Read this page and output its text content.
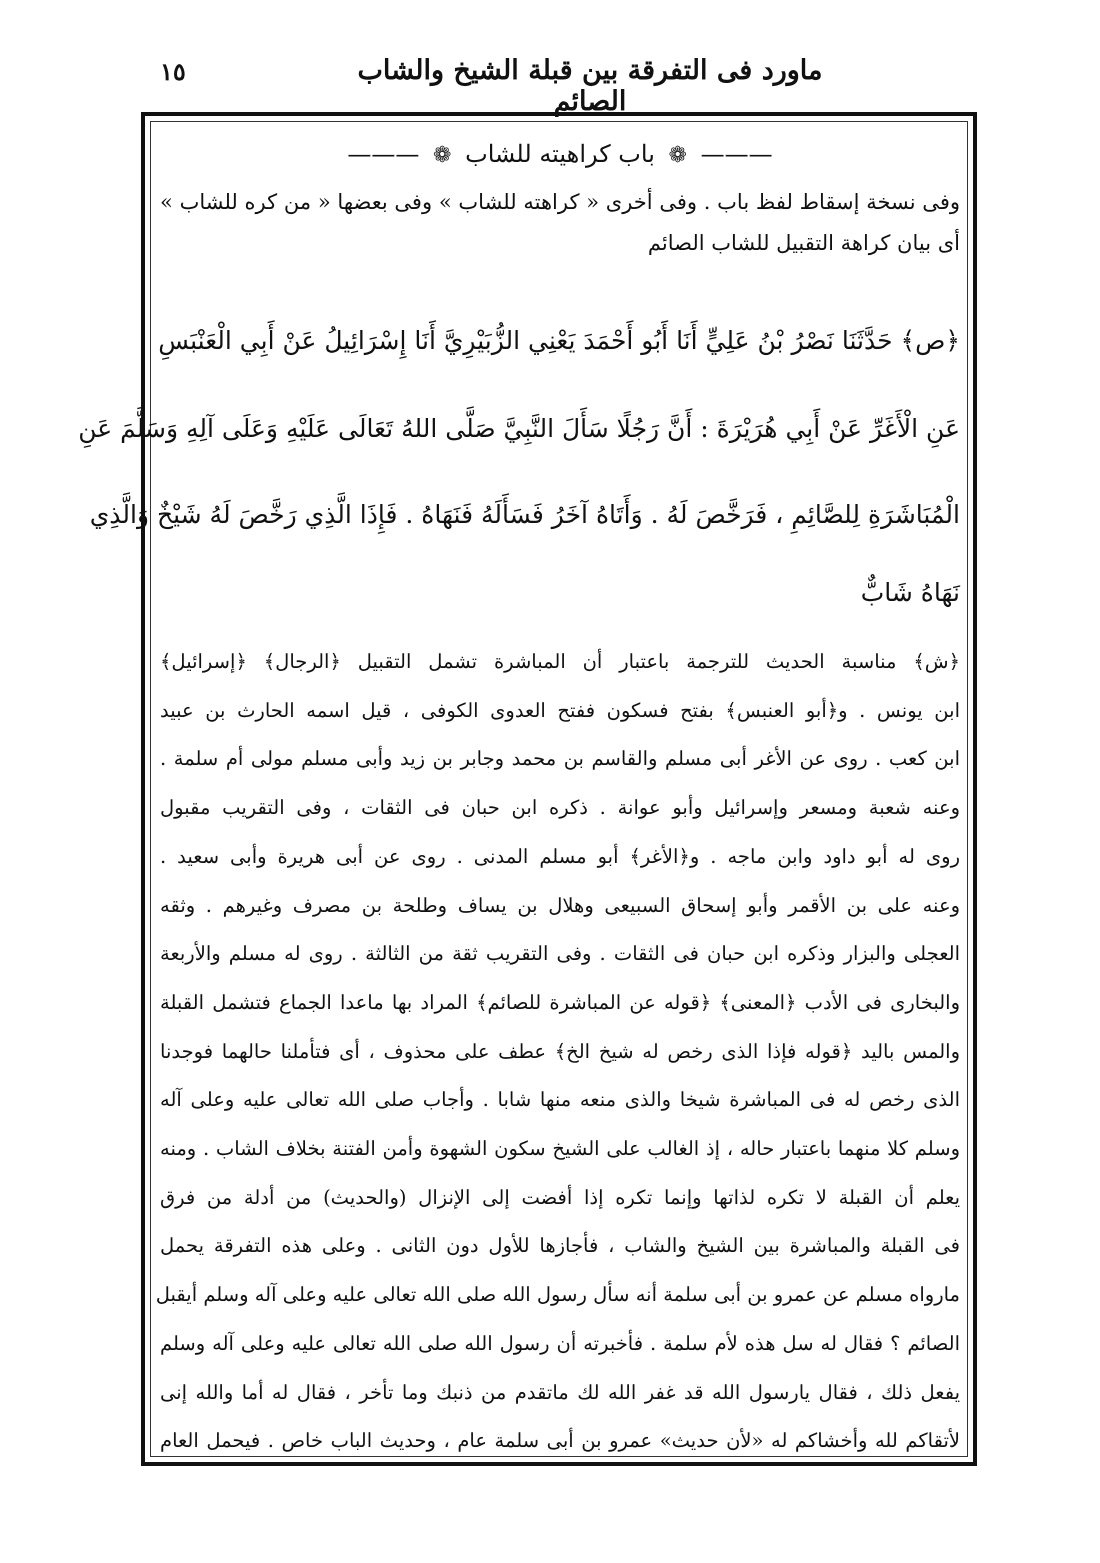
ماورد فى التفرقة بين قبلة الشيخ والشاب الصائم
١٥
——— ❁ باب كراهيته للشاب ❁ ———
وفى نسخة إسقاط لفظ باب . وفى أخرى « كراهته للشاب » وفى بعضها « من كره للشاب »
أى بيان كراهة التقبيل للشاب الصائم
﴿ص﴾ حَدَّثَنَا نَصْرُ بْنُ عَلِيٍّ أَنَا أَبُو أَحْمَدَ يَعْنِي الزُّبَيْرِيَّ أَنَا إِسْرَائِيلُ عَنْ أَبِي الْعَنْبَسِ
عَنِ الْأَغَرِّ عَنْ أَبِي هُرَيْرَةَ : أَنَّ رَجُلًا سَأَلَ النَّبِيَّ صَلَّى اللهُ تَعَالَى عَلَيْهِ وَعَلَى آلِهِ وَسَلَّمَ عَنِ
الْمُبَاشَرَةِ لِلصَّائِمِ ، فَرَخَّصَ لَهُ . وَأَتَاهُ آخَرُ فَسَأَلَهُ فَنَهَاهُ . فَإِذَا الَّذِي رَخَّصَ لَهُ شَيْخٌ وَالَّذِي
نَهَاهُ شَابٌّ
﴿ش﴾ مناسبة الحديث للترجمة باعتبار أن المباشرة تشمل التقبيل ﴿الرجال﴾ ﴿إسرائيل﴾
ابن يونس . و﴿أبو العنبس﴾ بفتح فسكون ففتح العدوى الكوفى ، قيل اسمه الحارث بن عبيد
ابن كعب . روى عن الأغر أبى مسلم والقاسم بن محمد وجابر بن زيد وأبى مسلم مولى أم سلمة .
وعنه شعبة ومسعر وإسرائيل وأبو عوانة . ذكره ابن حبان فى الثقات ، وفى التقريب مقبول
روى له أبو داود وابن ماجه . و﴿الأغر﴾ أبو مسلم المدنى . روى عن أبى هريرة وأبى سعيد .
وعنه على بن الأقمر وأبو إسحاق السبيعى وهلال بن يساف وطلحة بن مصرف وغيرهم . وثقه
العجلى والبزار وذكره ابن حبان فى الثقات . وفى التقريب ثقة من الثالثة . روى له مسلم والأربعة
والبخارى فى الأدب ﴿المعنى﴾ ﴿قوله عن المباشرة للصائم﴾ المراد بها ماعدا الجماع فتشمل القبلة
والمس باليد ﴿قوله فإذا الذى رخص له شيخ الخ﴾ عطف على محذوف ، أى فتأملنا حالهما فوجدنا
الذى رخص له فى المباشرة شيخا والذى منعه منها شابا . وأجاب صلى الله تعالى عليه وعلى آله
وسلم كلا منهما باعتبار حاله ، إذ الغالب على الشيخ سكون الشهوة وأمن الفتنة بخلاف الشاب . ومنه
يعلم أن القبلة لا تكره لذاتها وإنما تكره إذا أفضت إلى الإنزال (والحديث) من أدلة من فرق
فى القبلة والمباشرة بين الشيخ والشاب ، فأجازها للأول دون الثانى . وعلى هذه التفرقة يحمل
مارواه مسلم عن عمرو بن أبى سلمة أنه سأل رسول الله صلى الله تعالى عليه وعلى آله وسلم أيقبل
الصائم ؟ فقال له سل هذه لأم سلمة . فأخبرته أن رسول الله صلى الله تعالى عليه وعلى آله وسلم
يفعل ذلك ، فقال يارسول الله قد غفر الله لك ماتقدم من ذنبك وما تأخر ، فقال له أما والله إنى
لأتقاكم لله وأخشاكم له «لأن حديث» عمرو بن أبى سلمة عام ، وحديث الباب خاص . فيحمل العام
